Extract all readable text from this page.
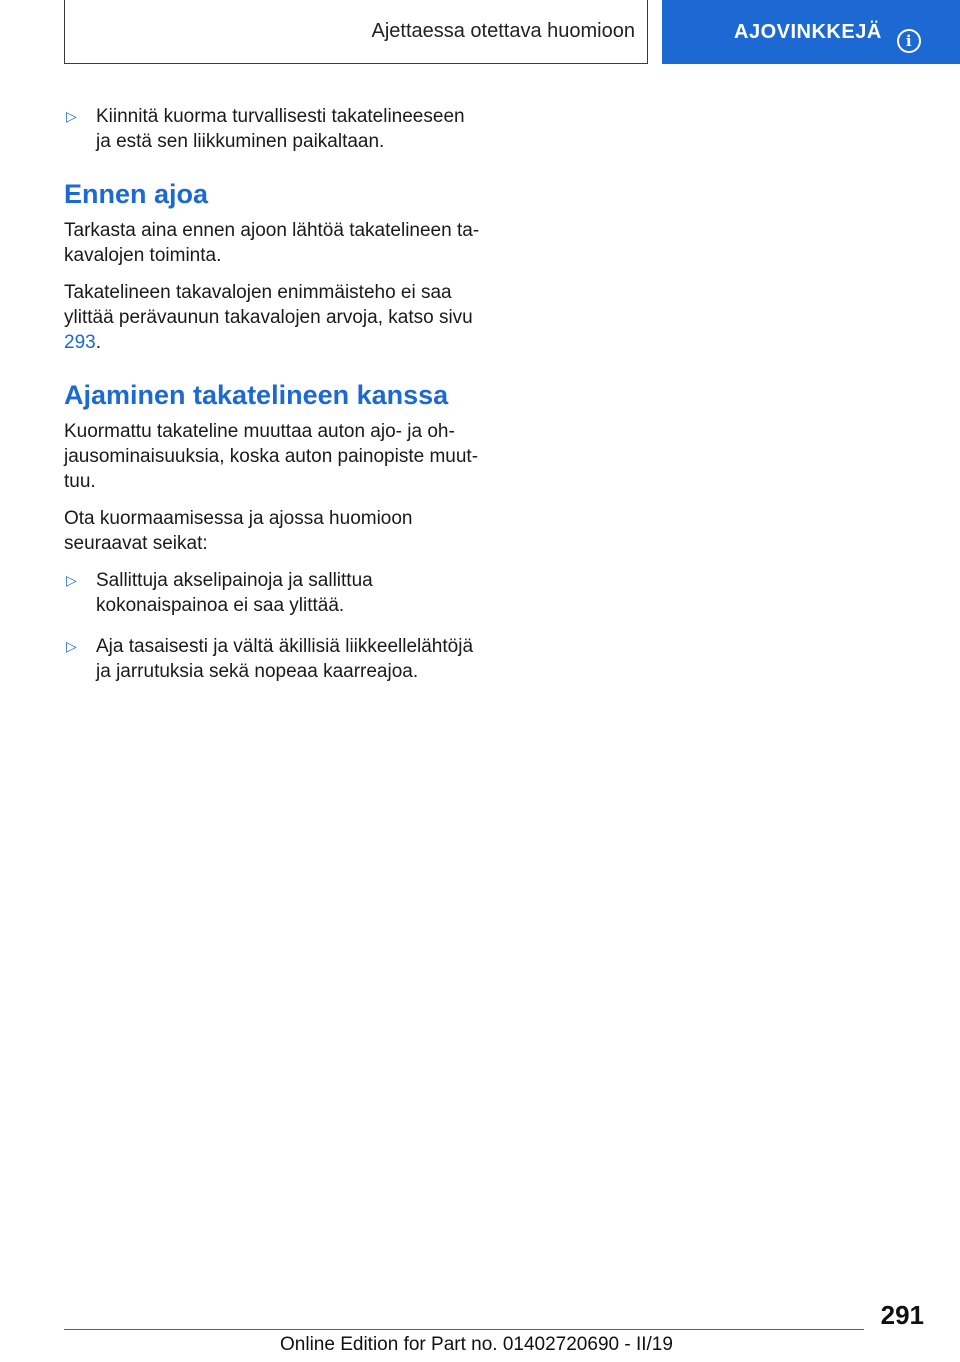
Ajettaessa otettava huomioon	AJOVINKKEJÄ	i
▷	Kiinnitä kuorma turvallisesti takatelineeseen ja estä sen liikkuminen paikaltaan.
Ennen ajoa

Tarkasta aina ennen ajoon lähtöä takatelineen takavalojen toiminta.

Takatelineen takavalojen enimmäisteho ei saa ylittää perävaunun takavalojen arvoja, katso sivu 293.

Ajaminen takatelineen kanssa

Kuormattu takateline muuttaa auton ajo- ja ohjausominaisuuksia, koska auton painopiste muuttuu.

Ota kuormaamisessa ja ajossa huomioon seuraavat seikat:

▷	Sallittuja akselipainoja ja sallittua kokonaispainoa ei saa ylittää.
▷	Aja tasaisesti ja vältä äkillisiä liikkeellelähtöjä ja jarrutuksia sekä nopeaa kaarreajoa.
291
Online Edition for Part no. 01402720690 - II/19
